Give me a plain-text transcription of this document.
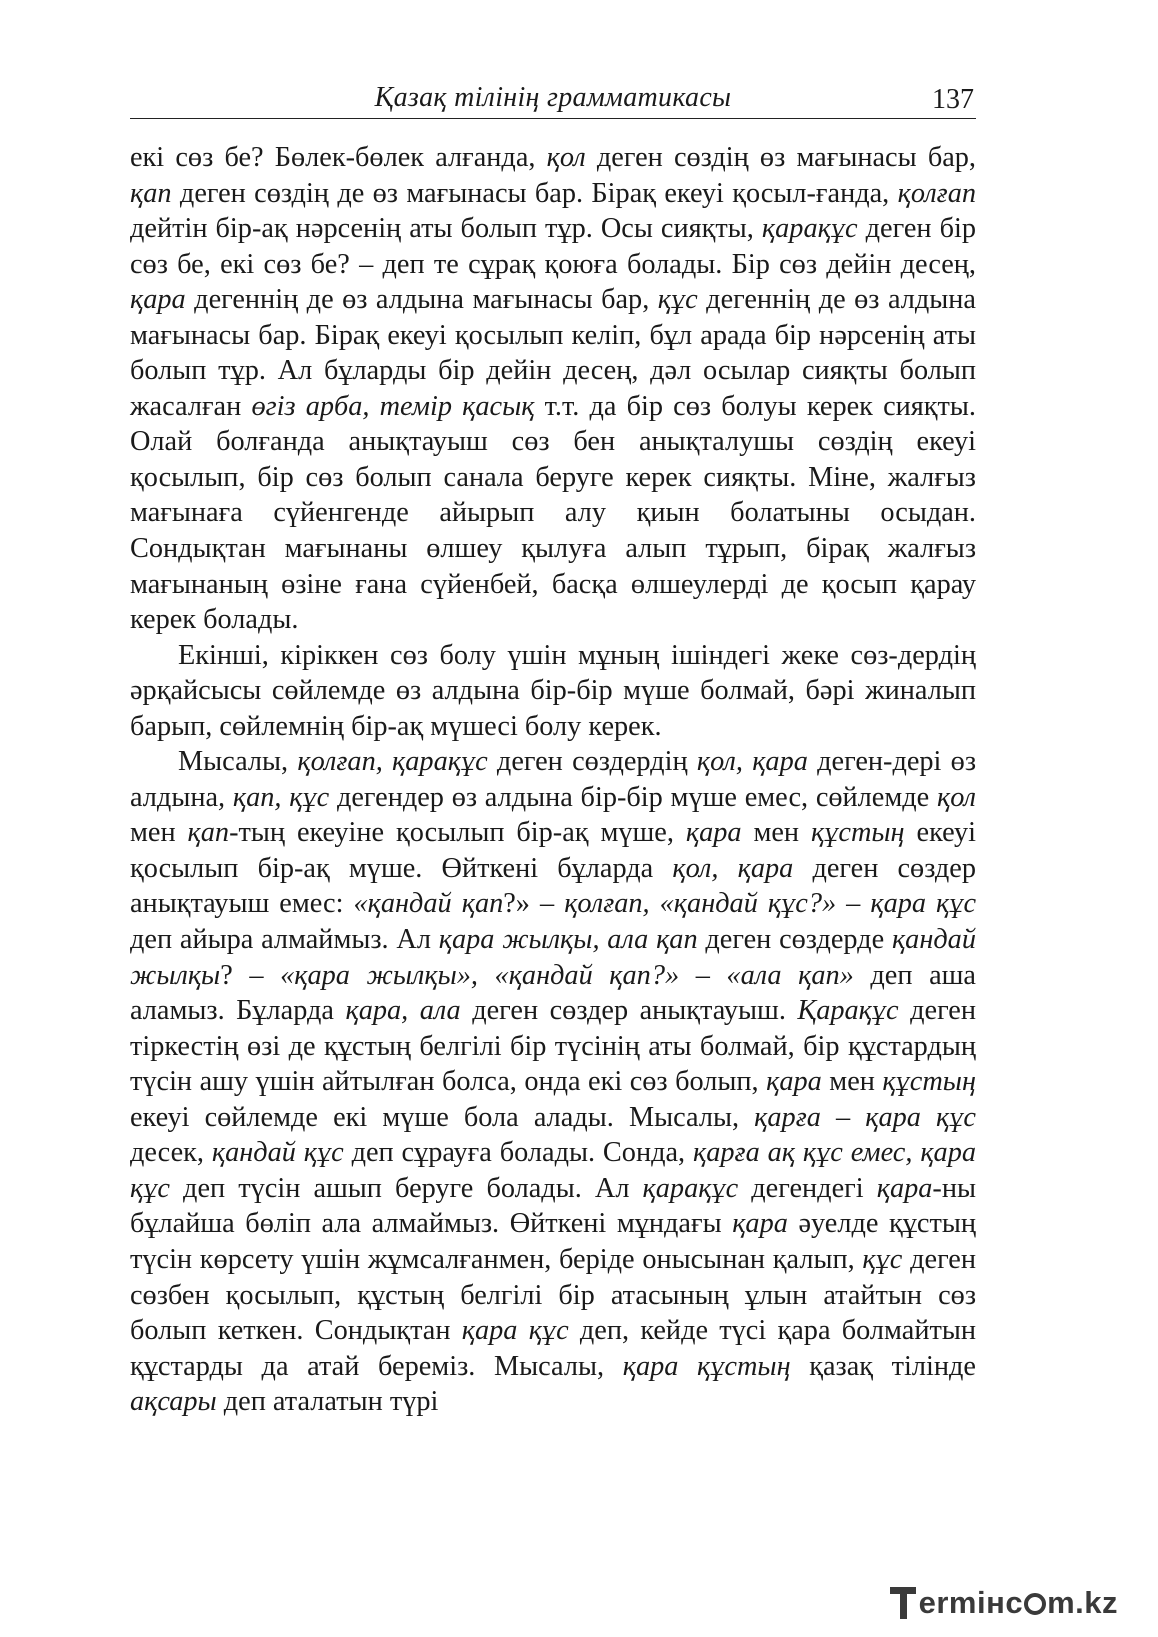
Қазақ тілінің грамматикасы	137

екі сөз бе? Бөлек-бөлек алғанда, қол деген сөздің өз мағынасы бар, қап деген сөздің де өз мағынасы бар. Бірақ екеуі қосыл-ғанда, қолғап дейтін бір-ақ нәрсенің аты болып тұр. Осы сияқты, қарақұс деген бір сөз бе, екі сөз бе? – деп те сұрақ қоюға болады. Бір сөз дейін десең, қара дегеннің де өз алдына мағынасы бар, құс дегеннің де өз алдына мағынасы бар. Бірақ екеуі қосылып келіп, бұл арада бір нәрсенің аты болып тұр. Ал бұларды бір дейін десең, дәл осылар сияқты болып жасалған өгіз арба, темір қасық т.т. да бір сөз болуы керек сияқты. Олай болғанда анықтауыш сөз бен анықталушы сөздің екеуі қосылып, бір сөз болып санала беруге керек сияқты. Міне, жалғыз мағынаға сүйенгенде айырып алу қиын болатыны осыдан. Сондықтан мағынаны өлшеу қылуға алып тұрып, бірақ жалғыз мағынаның өзіне ғана сүйенбей, басқа өлшеулерді де қосып қарау керек болады.

Екінші, кіріккен сөз болу үшін мұның ішіндегі жеке сөз-дердің әрқайсысы сөйлемде өз алдына бір-бір мүше болмай, бәрі жиналып барып, сөйлемнің бір-ақ мүшесі болу керек.

Мысалы, қолғап, қарақұс деген сөздердің қол, қара деген-дері өз алдына, қап, құс дегендер өз алдына бір-бір мүше емес, сөйлемде қол мен қап-тың екеуіне қосылып бір-ақ мүше, қара мен құстың екеуі қосылып бір-ақ мүше. Өйткені бұларда қол, қара деген сөздер анықтауыш емес: «қандай қап?» – қолғап, «қандай құс?» – қара құс деп айыра алмаймыз. Ал қара жылқы, ала қап деген сөздерде қандай жылқы? – «қара жылқы», «қандай қап?» – «ала қап» деп аша аламыз. Бұларда қара, ала деген сөздер анықтауыш. Қарақұс деген тіркестің өзі де құстың белгілі бір түсінің аты болмай, бір құстардың түсін ашу үшін айтылған болса, онда екі сөз болып, қара мен құстың екеуі сөйлемде екі мүше бола алады. Мысалы, қарға – қара құс десек, қандай құс деп сұрауға болады. Сонда, қарға ақ құс емес, қара құс деп түсін ашып беруге болады. Ал қарақұс дегендегі қара-ны бұлайша бөліп ала алмаймыз. Өйткені мұндағы қара әуелде құстың түсін көрсету үшін жұмсалғанмен, беріде онысынан қалып, құс деген сөзбен қосылып, құстың белгілі бір атасының ұлын атайтын сөз болып кеткен. Сондықтан қара құс деп, кейде түсі қара болмайтын құстарды да атай береміз. Мысалы, қара құстың қазақ тілінде ақсары деп аталатын түрі

ermінc m.kz
